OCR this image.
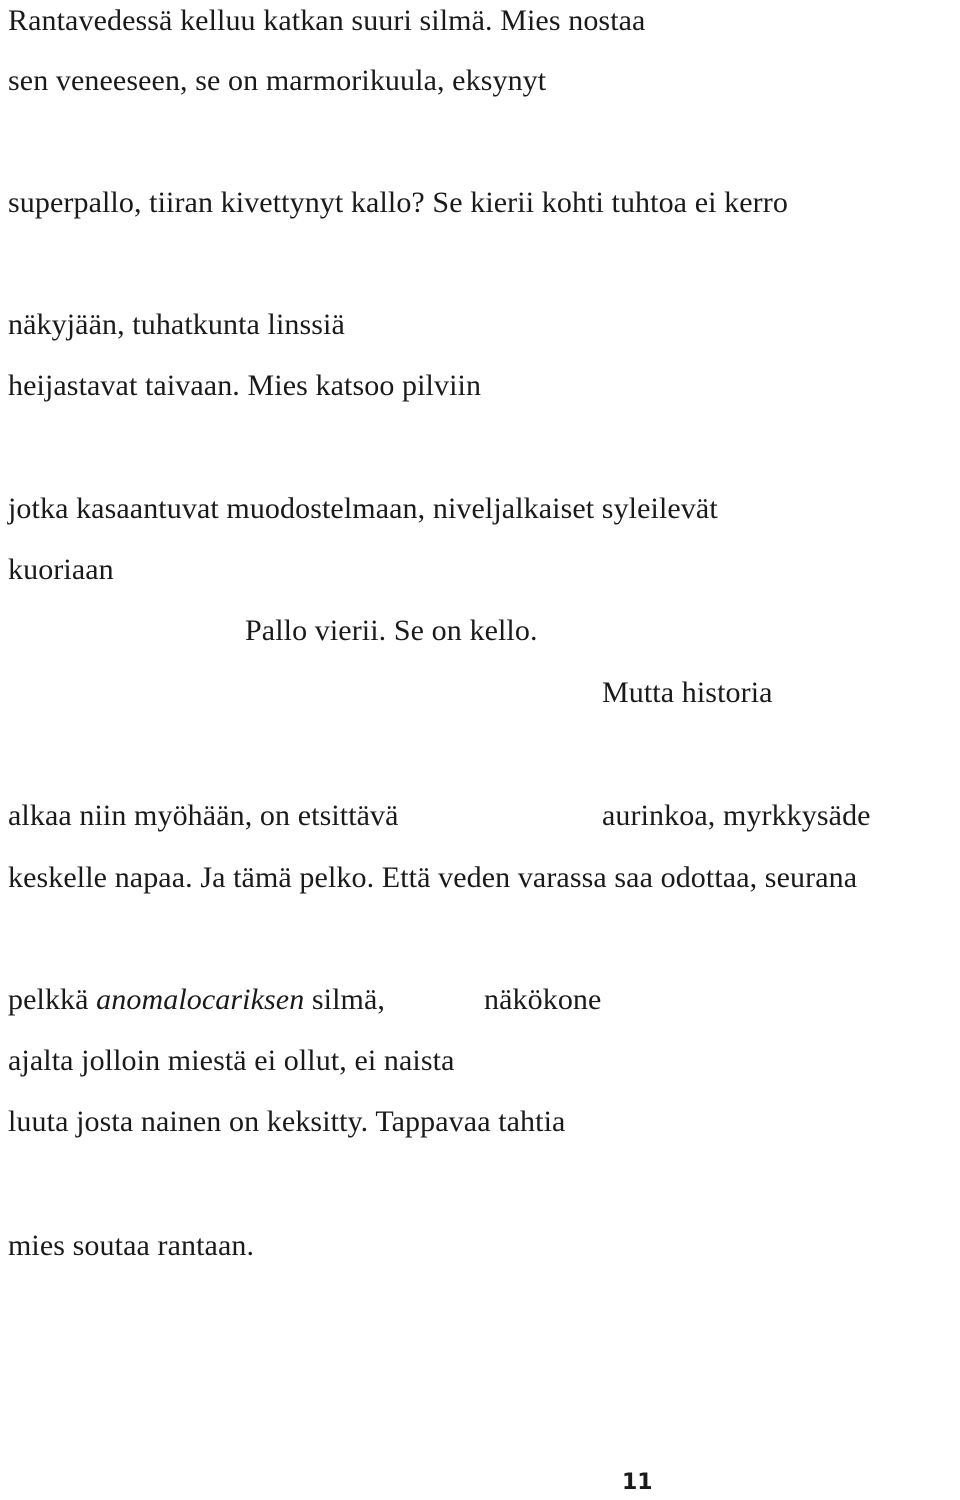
Rantavedessä kelluu katkan suuri silmä. Mies nostaa
sen veneeseen, se on marmorikuula, eksynyt
superpallo, tiiran kivettynyt kallo? Se kierii kohti tuhtoa ei kerro
näkyjään, tuhatkunta linssiä
heijastavat taivaan. Mies katsoo pilviin
jotka kasaantuvat muodostelmaan, niveljalkaiset syleilevät
kuoriaan
Pallo vierii. Se on kello.
Mutta historia
alkaa niin myöhään, on etsittävä	aurinkoa, myrkkysäde
keskelle napaa. Ja tämä pelko. Että veden varassa saa odottaa, seurana
pelkkä anomalocariksen silmä,	näkökone
ajalta jolloin miestä ei ollut, ei naista
luuta josta nainen on keksitty. Tappavaa tahtia
mies soutaa rantaan.
11
